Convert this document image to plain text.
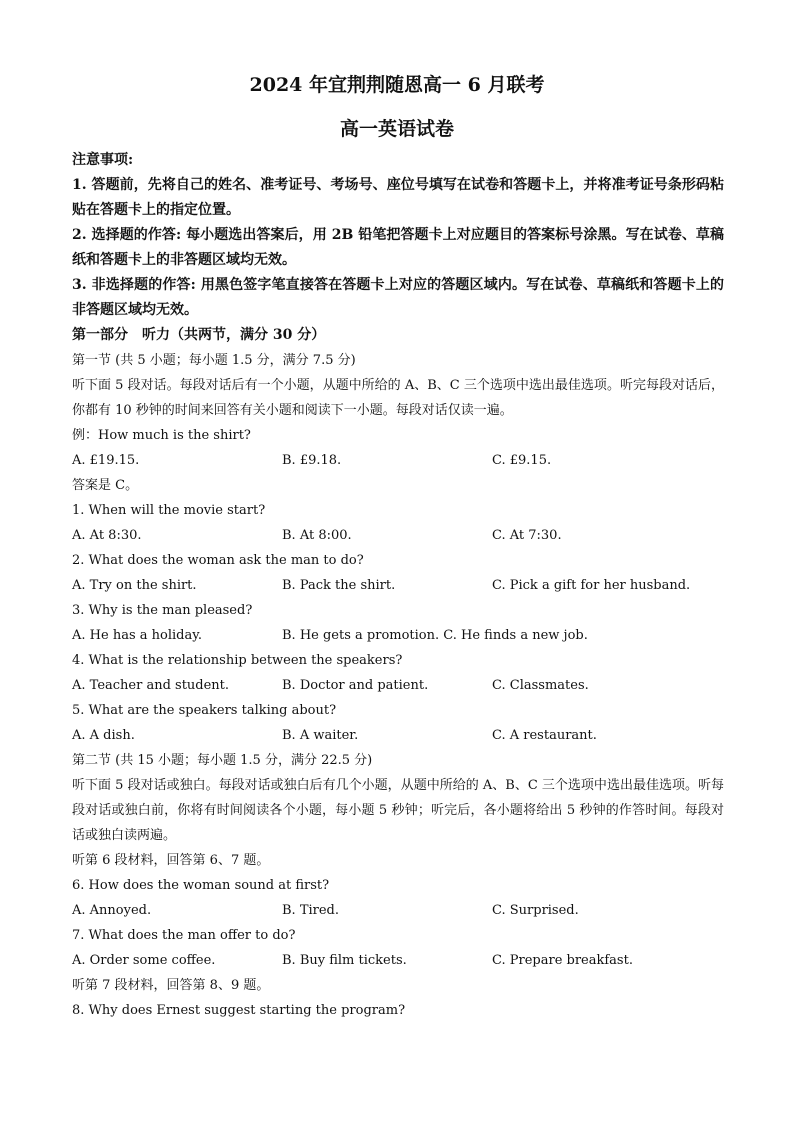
2024 年宜荆荆随恩高一 6 月联考
高一英语试卷
注意事项:
1. 答题前，先将自己的姓名、准考证号、考场号、座位号填写在试卷和答题卡上，并将准考证号条形码粘贴在答题卡上的指定位置。
2. 选择题的作答: 每小题选出答案后，用 2B 铅笔把答题卡上对应题目的答案标号涂黑。写在试卷、草稿纸和答题卡上的非答题区域均无效。
3. 非选择题的作答: 用黑色签字笔直接答在答题卡上对应的答题区域内。写在试卷、草稿纸和答题卡上的非答题区域均无效。
第一部分　听力（共两节，满分 30 分）
第一节 (共 5 小题；每小题 1.5 分，满分 7.5 分)
听下面 5 段对话。每段对话后有一个小题，从题中所给的 A、B、C 三个选项中选出最佳选项。听完每段对话后，你都有 10 秒钟的时间来回答有关小题和阅读下一小题。每段对话仅读一遍。
例：How much is the shirt?
A. £19.15.	B. £9.18.	C. £9.15.
答案是 C。
1. When will the movie start?
A. At 8:30.	B. At 8:00.	C. At 7:30.
2. What does the woman ask the man to do?
A. Try on the shirt.	B. Pack the shirt.	C. Pick a gift for her husband.
3. Why is the man pleased?
A. He has a holiday.	B. He gets a promotion. C. He finds a new job.
4. What is the relationship between the speakers?
A. Teacher and student.	B. Doctor and patient.	C. Classmates.
5. What are the speakers talking about?
A. A dish.	B. A waiter.	C. A restaurant.
第二节 (共 15 小题；每小题 1.5 分，满分 22.5 分)
听下面 5 段对话或独白。每段对话或独白后有几个小题，从题中所给的 A、B、C 三个选项中选出最佳选项。听每段对话或独白前，你将有时间阅读各个小题，每小题 5 秒钟；听完后，各小题将给出 5 秒钟的作答时间。每段对话或独白读两遍。
听第 6 段材料，回答第 6、7 题。
6. How does the woman sound at first?
A. Annoyed.	B. Tired.	C. Surprised.
7. What does the man offer to do?
A. Order some coffee.	B. Buy film tickets.	C. Prepare breakfast.
听第 7 段材料，回答第 8、9 题。
8. Why does Ernest suggest starting the program?
